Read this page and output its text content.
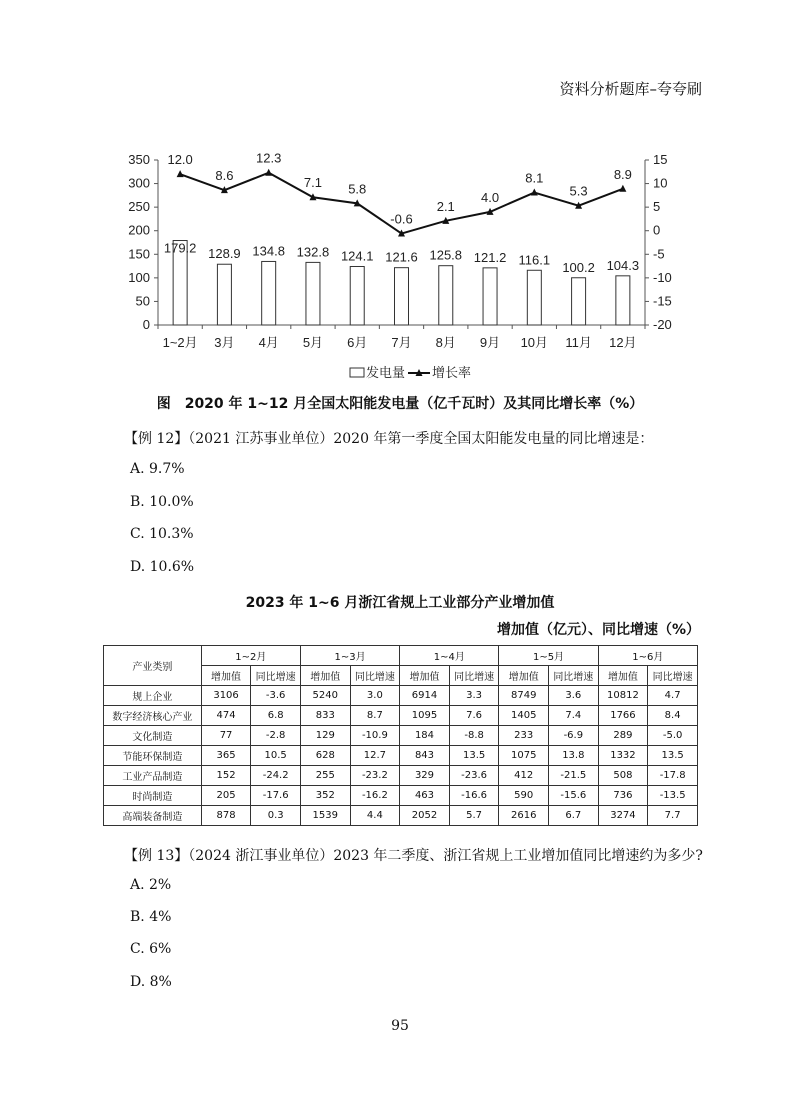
资料分析题库–夸夸刷
0
50
100
150
200
250
300
350
-20
-15
-10
-5
0
5
10
15
1~2月 3月 4月 5月 6月 7月 8月 9月 10月 11月 12月
179.2 128.9 134.8 132.8 124.1 121.6 125.8 121.2 116.1 100.2 104.3
12.0
8.6
12.3
7.1 5.8
-0.6
2.1
4.0
8.1
5.3
8.9
发电量 增长率
图　2020 年 1~12 月全国太阳能发电量（亿千瓦时）及其同比增长率（%）
【例 12】（2021 江苏事业单位）2020 年第一季度全国太阳能发电量的同比增速是：
A. 9.7%
B. 10.0%
C. 10.3%
D. 10.6%
2023 年 1~6 月浙江省规上工业部分产业增加值
增加值（亿元）、同比增速（%）
产业类别	1~2月		1~3月		1~4月		1~5月		1~6月	
	增加值	同比增速	增加值	同比增速	增加值	同比增速	增加值	同比增速	增加值	同比增速
规上企业	3106	-3.6	5240	3.0	6914	3.3	8749	3.6	10812	4.7
数字经济核心产业	474	6.8	833	8.7	1095	7.6	1405	7.4	1766	8.4
文化制造	77	-2.8	129	-10.9	184	-8.8	233	-6.9	289	-5.0
节能环保制造	365	10.5	628	12.7	843	13.5	1075	13.8	1332	13.5
工业产品制造	152	-24.2	255	-23.2	329	-23.6	412	-21.5	508	-17.8
时尚制造	205	-17.6	352	-16.2	463	-16.6	590	-15.6	736	-13.5
高端装备制造	878	0.3	1539	4.4	2052	5.7	2616	6.7	3274	7.7
【例 13】（2024 浙江事业单位）2023 年二季度、浙江省规上工业增加值同比增速约为多少?
A. 2%
B. 4%
C. 6%
D. 8%
95
